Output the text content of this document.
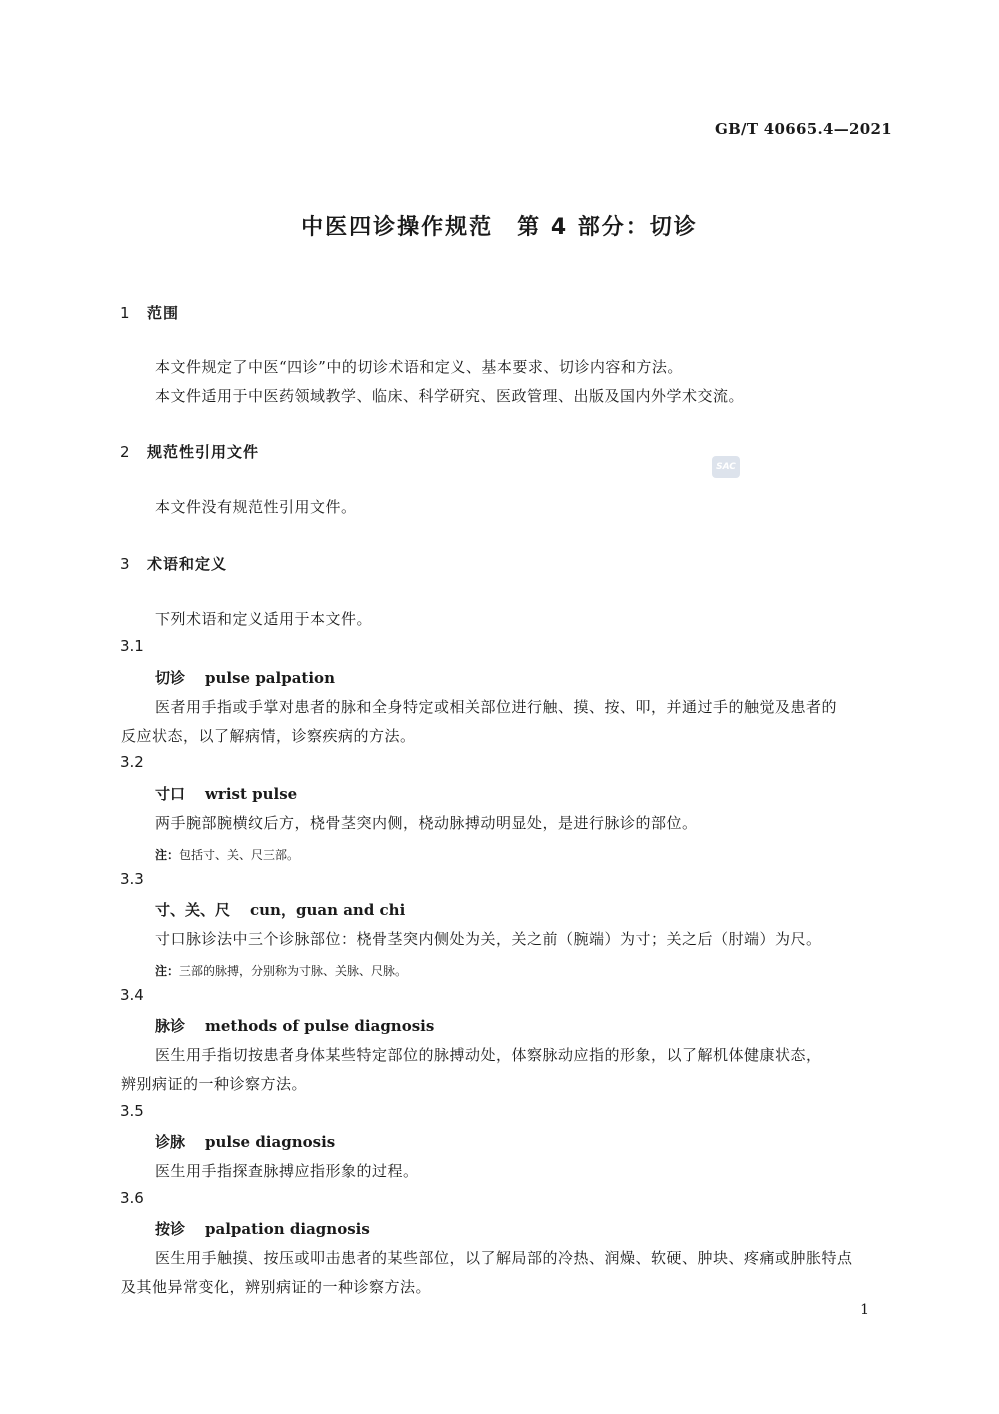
GB/T 40665.4—2021
中医四诊操作规范　第 4 部分：切诊
1 范围
本文件规定了中医“四诊”中的切诊术语和定义、基本要求、切诊内容和方法。
本文件适用于中医药领域教学、临床、科学研究、医政管理、出版及国内外学术交流。
SAC
2 规范性引用文件
本文件没有规范性引用文件。
3 术语和定义
下列术语和定义适用于本文件。
3.1
切诊 pulse palpation
医者用手指或手掌对患者的脉和全身特定或相关部位进行触、摸、按、叩，并通过手的触觉及患者的
反应状态，以了解病情，诊察疾病的方法。
3.2
寸口 wrist pulse
两手腕部腕横纹后方，桡骨茎突内侧，桡动脉搏动明显处，是进行脉诊的部位。
注：包括寸、关、尺三部。
3.3
寸、关、尺 cun，guan and chi
寸口脉诊法中三个诊脉部位：桡骨茎突内侧处为关，关之前（腕端）为寸；关之后（肘端）为尺。
注：三部的脉搏，分别称为寸脉、关脉、尺脉。
3.4
脉诊 methods of pulse diagnosis
医生用手指切按患者身体某些特定部位的脉搏动处，体察脉动应指的形象，以了解机体健康状态，
辨别病证的一种诊察方法。
3.5
诊脉 pulse diagnosis
医生用手指探查脉搏应指形象的过程。
3.6
按诊 palpation diagnosis
医生用手触摸、按压或叩击患者的某些部位，以了解局部的冷热、润燥、软硬、肿块、疼痛或肿胀特点
及其他异常变化，辨别病证的一种诊察方法。
1
